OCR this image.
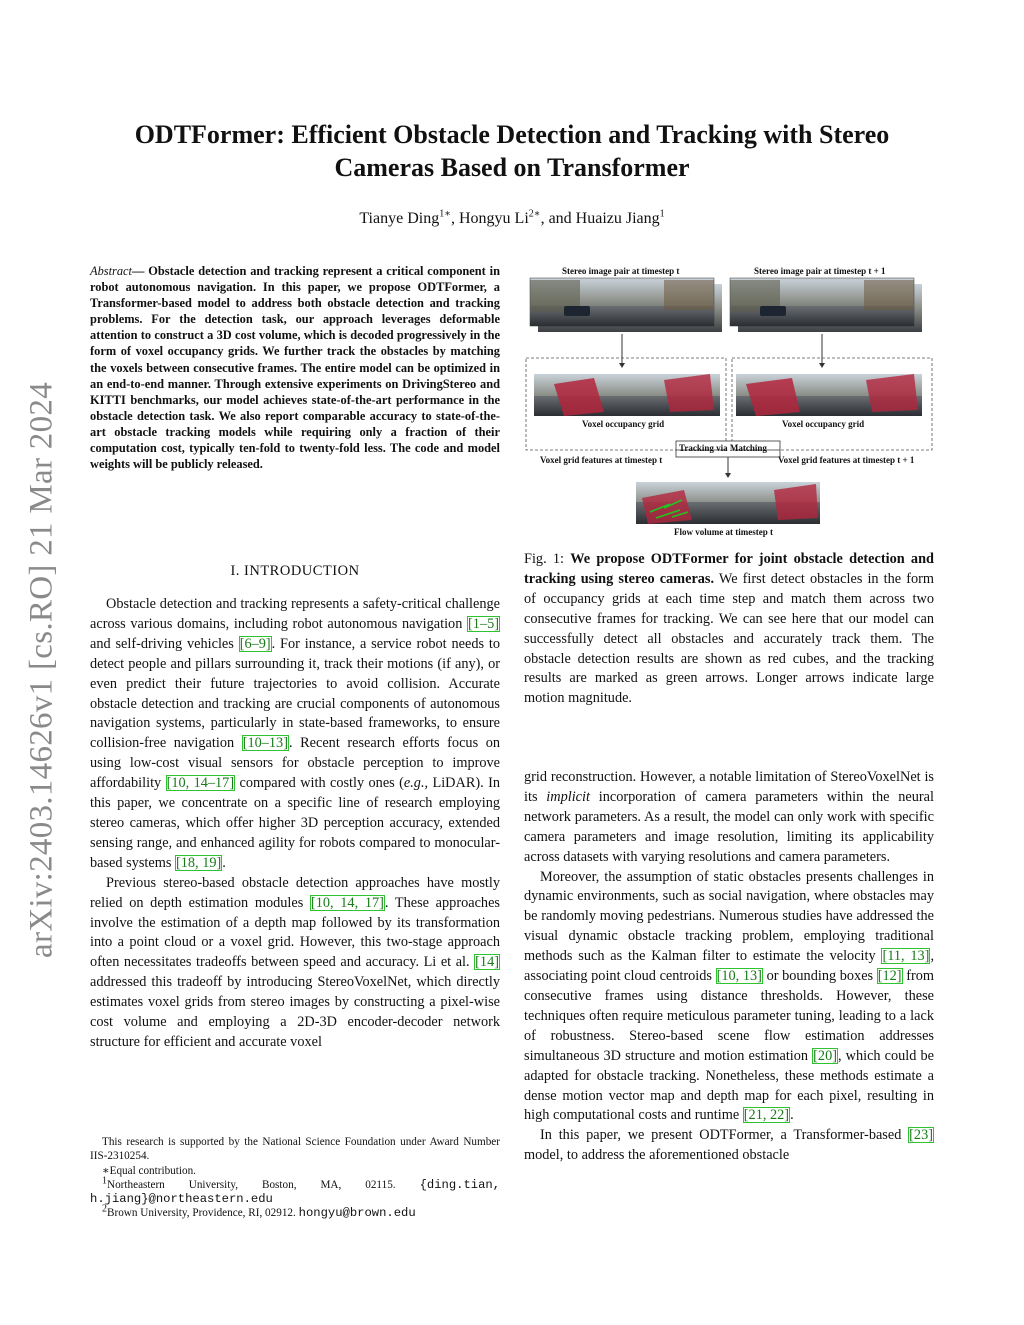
arXiv:2403.14626v1 [cs.RO] 21 Mar 2024
ODTFormer: Efficient Obstacle Detection and Tracking with Stereo Cameras Based on Transformer
Tianye Ding$^{1∗}$, Hongyu $Li^{2∗}$, and Huaizu Jiang$^1$
Abstract— Obstacle detection and tracking represent a critical component in robot autonomous navigation. In this paper, we propose ODTFormer, a Transformer-based model to address both obstacle detection and tracking problems. For the detection task, our approach leverages deformable attention to construct a 3D cost volume, which is decoded progressively in the form of voxel occupancy grids. We further track the obstacles by matching the voxels between consecutive frames. The entire model can be optimized in an end-to-end manner. Through extensive experiments on DrivingStereo and KITTI benchmarks, our model achieves state-of-the-art performance in the obstacle detection task. We also report comparable accuracy to state-of-the-art obstacle tracking models while requiring only a fraction of their computation cost, typically ten-fold to twenty-fold less. The code and model weights will be publicly released.
I. INTRODUCTION

Obstacle detection and tracking represents a safety-critical challenge across various domains, including robot autonomous navigation [1–5] and self-driving vehicles [6–9]. For instance, a service robot needs to detect people and pillars surrounding it, track their motions (if any), or even predict their future trajectories to avoid collision. Accurate obstacle detection and tracking are crucial components of autonomous navigation systems, particularly in state-based frameworks, to ensure collision-free navigation [10–13]. Recent research efforts focus on using low-cost visual sensors for obstacle perception to improve affordability [10, 14–17] compared with costly ones (e.g., LiDAR). In this paper, we concentrate on a specific line of research employing stereo cameras, which offer higher 3D perception accuracy, extended sensing range, and enhanced agility for robots compared to monocular-based systems [18, 19].

Previous stereo-based obstacle detection approaches have mostly relied on depth estimation modules [10, 14, 17]. These approaches involve the estimation of a depth map followed by its transformation into a point cloud or a voxel grid. However, this two-stage approach often necessitates tradeoffs between speed and accuracy. Li et al. [14] addressed this tradeoff by introducing StereoVoxelNet, which directly estimates voxel grids from stereo images by constructing a pixel-wise cost volume and employing a 2D-3D encoder-decoder network structure for efficient and accurate voxel

This research is supported by the National Science Foundation under Award Number IIS-2310254.

∗Equal contribution.

$^1$Northeastern University, Boston, MA, 02115. {ding.tian, h.jiang}@northeastern.edu

$^2$Brown University, Providence, RI, 02912. hongyu@brown.edu

Stereo image pair at timestep t	Stereo image pair at timestep t + 1
Voxel occupancy grid	Voxel occupancy grid
Tracking via Matching
Voxel grid features at timestep t	Voxel grid features at timestep t + 1
Flow volume at timestep t
Fig. 1: We propose ODTFormer for joint obstacle detection and tracking using stereo cameras. We first detect obstacles in the form of occupancy grids at each time step and match them across two consecutive frames for tracking. We can see here that our model can successfully detect all obstacles and accurately track them. The obstacle detection results are shown as red cubes, and the tracking results are marked as green arrows. Longer arrows indicate large motion magnitude.

grid reconstruction. However, a notable limitation of StereoVoxelNet is its implicit incorporation of camera parameters within the neural network parameters. As a result, the model can only work with specific camera parameters and image resolution, limiting its applicability across datasets with varying resolutions and camera parameters.

Moreover, the assumption of static obstacles presents challenges in dynamic environments, such as social navigation, where obstacles may be randomly moving pedestrians. Numerous studies have addressed the visual dynamic obstacle tracking problem, employing traditional methods such as the Kalman filter to estimate the velocity [11, 13], associating point cloud centroids [10, 13] or bounding boxes [12] from consecutive frames using distance thresholds. However, these techniques often require meticulous parameter tuning, leading to a lack of robustness. Stereo-based scene flow estimation addresses simultaneous 3D structure and motion estimation [20], which could be adapted for obstacle tracking. Nonetheless, these methods estimate a dense motion vector map and depth map for each pixel, resulting in high computational costs and runtime [21, 22].

In this paper, we present ODTFormer, a Transformer-based [23] model, to address the aforementioned obstacle
